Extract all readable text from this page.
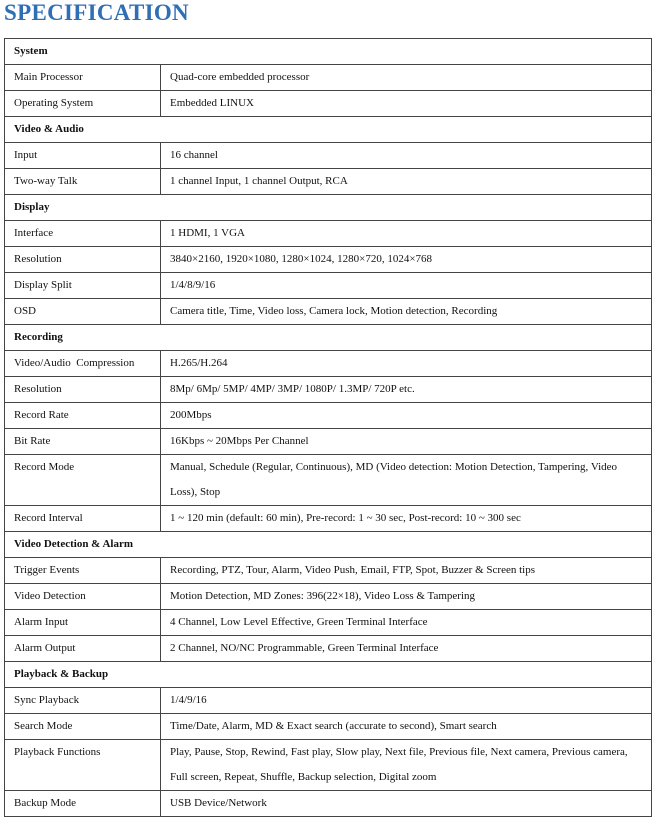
SPECIFICATION
System	
Main Processor	Quad-core embedded processor
Operating System	Embedded LINUX
Video & Audio	
Input	16 channel
Two-way Talk	1 channel Input, 1 channel Output, RCA
Display	
Interface	1 HDMI, 1 VGA
Resolution	3840×2160, 1920×1080, 1280×1024, 1280×720, 1024×768
Display Split	1/4/8/9/16
OSD	Camera title, Time, Video loss, Camera lock, Motion detection, Recording
Recording	
Video/Audio  Compression	H.265/H.264
Resolution	8Mp/ 6Mp/ 5MP/ 4MP/ 3MP/ 1080P/ 1.3MP/ 720P etc.
Record Rate	200Mbps
Bit Rate	16Kbps ~ 20Mbps Per Channel
Record Mode	Manual, Schedule (Regular, Continuous), MD (Video detection: Motion Detection, Tampering, Video Loss), Stop
Record Interval	1 ~ 120 min (default: 60 min), Pre-record: 1 ~ 30 sec, Post-record: 10 ~ 300 sec
Video Detection & Alarm	
Trigger Events	Recording, PTZ, Tour, Alarm, Video Push, Email, FTP, Spot, Buzzer & Screen tips
Video Detection	Motion Detection, MD Zones: 396(22×18), Video Loss & Tampering
Alarm Input	4 Channel, Low Level Effective, Green Terminal Interface
Alarm Output	2 Channel, NO/NC Programmable, Green Terminal Interface
Playback & Backup	
Sync Playback	1/4/9/16
Search Mode	Time/Date, Alarm, MD & Exact search (accurate to second), Smart search
Playback Functions	Play, Pause, Stop, Rewind, Fast play, Slow play, Next file, Previous file, Next camera, Previous camera, Full screen, Repeat, Shuffle, Backup selection, Digital zoom
Backup Mode	USB Device/Network
